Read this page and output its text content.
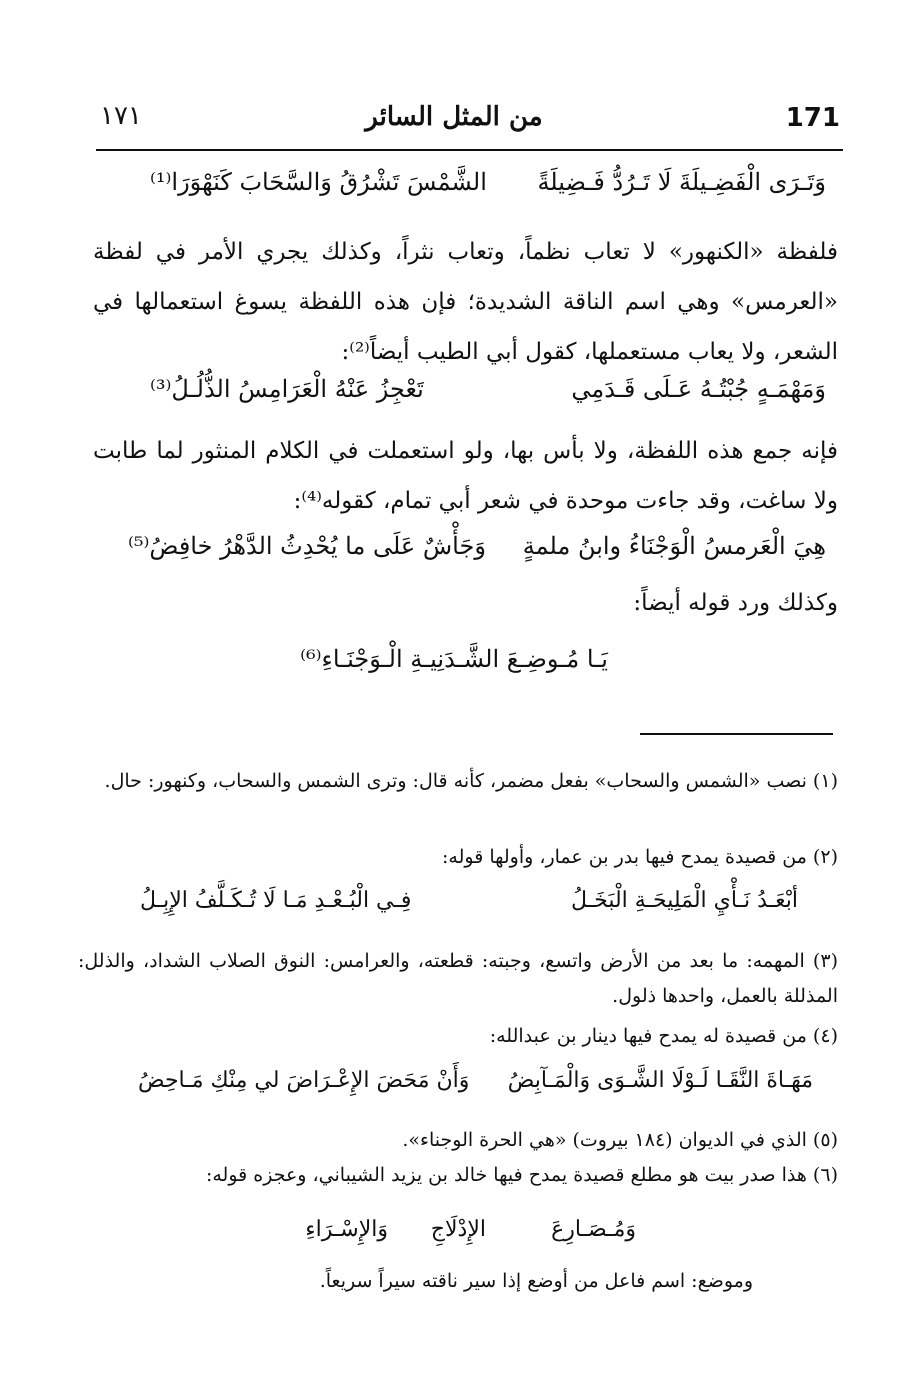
171
من المثل السائر
١٧١
وَتَـرَى الْفَضِـيلَةَ لَا تَـرُدُّ فَـضِيلَةً
الشَّمْسَ تَشْرُقُ وَالسَّحَابَ كَنَهْوَرَا⁽¹⁾
فلفظة «الكنهور» لا تعاب نظماً، وتعاب نثراً، وكذلك يجري الأمر في لفظة «العرمس» وهي اسم الناقة الشديدة؛ فإن هذه اللفظة يسوغ استعمالها في الشعر، ولا يعاب مستعملها، كقول أبي الطيب أيضاً⁽²⁾:
وَمَهْمَـهٍ جُبْتُـهُ عَـلَى قَـدَمِي
تَعْجِزُ عَنْهُ الْعَرَامِسُ الذُّلُـلُ⁽³⁾
فإنه جمع هذه اللفظة، ولا بأس بها، ولو استعملت في الكلام المنثور لما طابت ولا ساغت، وقد جاءت موحدة في شعر أبي تمام، كقوله⁽⁴⁾:
هِيَ الْعَرمسُ الْوَجْنَاءُ وابنُ ملمةٍ
وَجَأْشٌ عَلَى ما يُحْدِثُ الدَّهْرُ خافِضُ⁽⁵⁾
وكذلك ورد قوله أيضاً:
يَـا مُـوضِـعَ الشَّـدَنِيـةِ الْـوَجْنَـاءِ⁽⁶⁾
(١) نصب «الشمس والسحاب» بفعل مضمر، كأنه قال: وترى الشمس والسحاب، وكنهور: حال.
(٢) من قصيدة يمدح فيها بدر بن عمار، وأولها قوله:
أبْعَـدُ نَـأْيِ الْمَلِيحَـةِ الْبَخَـلُ
فِـي الْبُـعْـدِ مَـا لَا تُـكَـلَّفُ الإِبِـلُ
(٣) المهمه: ما بعد من الأرض واتسع، وجبته: قطعته، والعرامس: النوق الصلاب الشداد، والذلل: المذللة بالعمل، واحدها ذلول.
(٤) من قصيدة له يمدح فيها دينار بن عبدالله:
مَهَـاةَ النَّقَـا لَـوْلَا الشَّـوَى وَالْمَـآبِضُ
وَأَنْ مَحَضَ الإِعْـرَاضَ لي مِنْكِ مَـاحِضُ
(٥) الذي في الديوان (١٨٤ بيروت) «هي الحرة الوجناء».
(٦) هذا صدر بيت هو مطلع قصيدة يمدح فيها خالد بن يزيد الشيباني، وعجزه قوله:
وَمُـصَـارِعَ
الإِدْلَاجِ
وَالإِسْـرَاءِ
وموضع: اسم فاعل من أوضع إذا سير ناقته سيراً سريعاً.
